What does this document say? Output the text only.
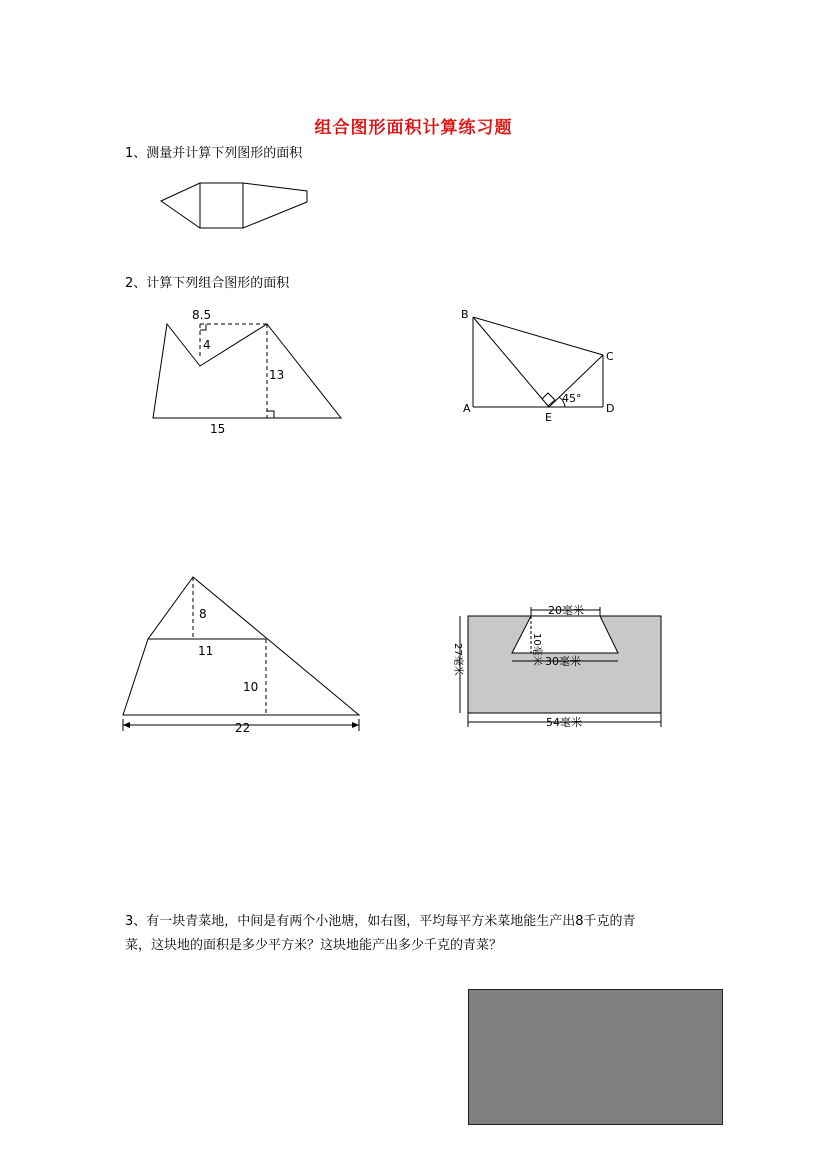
组合图形面积计算练习题
1、测量并计算下列图形的面积
2、计算下列组合图形的面积
8.5
4
13
15
B
C
A
E
D
45°
8
11
10
22
20毫米
10毫米 30毫米
27毫米
54毫米
3、有一块青菜地，中间是有两个小池塘，如右图，平均每平方米菜地能生产出8千克的青
菜，这块地的面积是多少平方米？这块地能产出多少千克的青菜？
